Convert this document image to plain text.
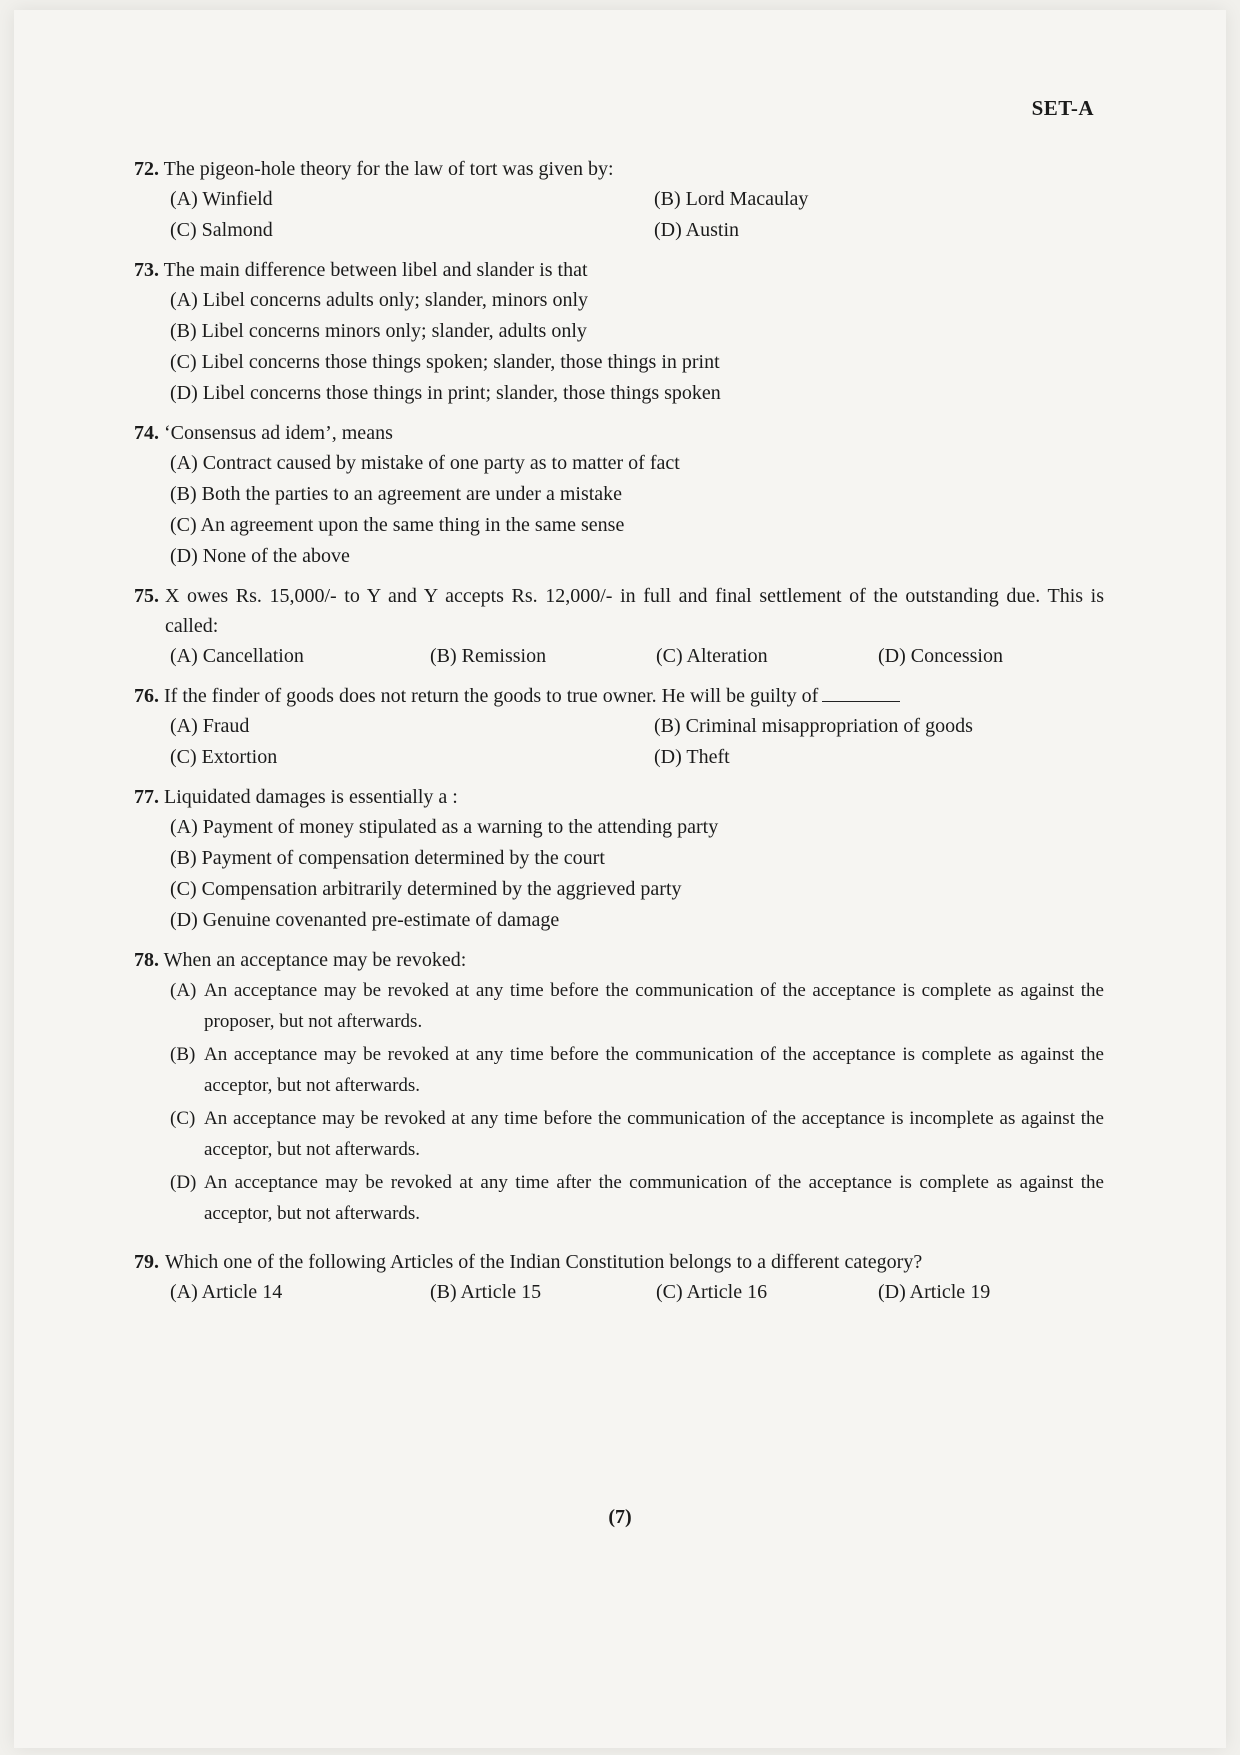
SET-A
72. The pigeon-hole theory for the law of tort was given by:
(A) Winfield	(B) Lord Macaulay
(C) Salmond	(D) Austin
73. The main difference between libel and slander is that
(A) Libel concerns adults only; slander, minors only
(B) Libel concerns minors only; slander, adults only
(C) Libel concerns those things spoken; slander, those things in print
(D) Libel concerns those things in print; slander, those things spoken
74. ‘Consensus ad idem’, means
(A) Contract caused by mistake of one party as to matter of fact
(B) Both the parties to an agreement are under a mistake
(C) An agreement upon the same thing in the same sense
(D) None of the above
75. X owes Rs. 15,000/- to Y and Y accepts Rs. 12,000/- in full and final settlement of the outstanding due. This is called:
(A) Cancellation	(B) Remission	(C) Alteration	(D) Concession
76. If the finder of goods does not return the goods to true owner. He will be guilty of
(A) Fraud	(B) Criminal misappropriation of goods
(C) Extortion	(D) Theft
77. Liquidated damages is essentially a :
(A) Payment of money stipulated as a warning to the attending party
(B) Payment of compensation determined by the court
(C) Compensation arbitrarily determined by the aggrieved party
(D) Genuine covenanted pre-estimate of damage
78. When an acceptance may be revoked:
(A) An acceptance may be revoked at any time before the communication of the acceptance is complete as against the proposer, but not afterwards.
(B) An acceptance may be revoked at any time before the communication of the acceptance is complete as against the acceptor, but not afterwards.
(C) An acceptance may be revoked at any time before the communication of the acceptance is incomplete as against the acceptor, but not afterwards.
(D) An acceptance may be revoked at any time after the communication of the acceptance is complete as against the acceptor, but not afterwards.
79. Which one of the following Articles of the Indian Constitution belongs to a different category?
(A) Article 14	(B) Article 15	(C) Article 16	(D) Article 19
(7)
